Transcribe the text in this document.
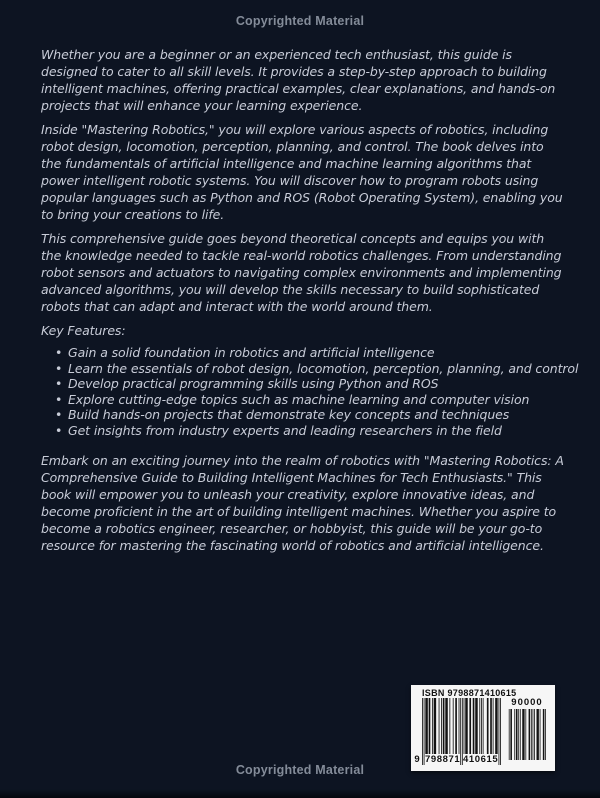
Copyrighted Material

Whether you are a beginner or an experienced tech enthusiast, this guide is designed to cater to all skill levels. It provides a step-by-step approach to building intelligent machines, offering practical examples, clear explanations, and hands-on projects that will enhance your learning experience.

Inside "Mastering Robotics," you will explore various aspects of robotics, including robot design, locomotion, perception, planning, and control. The book delves into the fundamentals of artificial intelligence and machine learning algorithms that power intelligent robotic systems. You will discover how to program robots using popular languages such as Python and ROS (Robot Operating System), enabling you to bring your creations to life.

This comprehensive guide goes beyond theoretical concepts and equips you with the knowledge needed to tackle real-world robotics challenges. From understanding robot sensors and actuators to navigating complex environments and implementing advanced algorithms, you will develop the skills necessary to build sophisticated robots that can adapt and interact with the world around them.

Key Features:

• Gain a solid foundation in robotics and artificial intelligence
• Learn the essentials of robot design, locomotion, perception, planning, and control
• Develop practical programming skills using Python and ROS
• Explore cutting-edge topics such as machine learning and computer vision
• Build hands-on projects that demonstrate key concepts and techniques
• Get insights from industry experts and leading researchers in the field

Embark on an exciting journey into the realm of robotics with "Mastering Robotics: A Comprehensive Guide to Building Intelligent Machines for Tech Enthusiasts." This book will empower you to unleash your creativity, explore innovative ideas, and become proficient in the art of building intelligent machines. Whether you aspire to become a robotics engineer, researcher, or hobbyist, this guide will be your go-to resource for mastering the fascinating world of robotics and artificial intelligence.

ISBN 9798871410615
9 798871 410615
90000
Copyrighted Material
